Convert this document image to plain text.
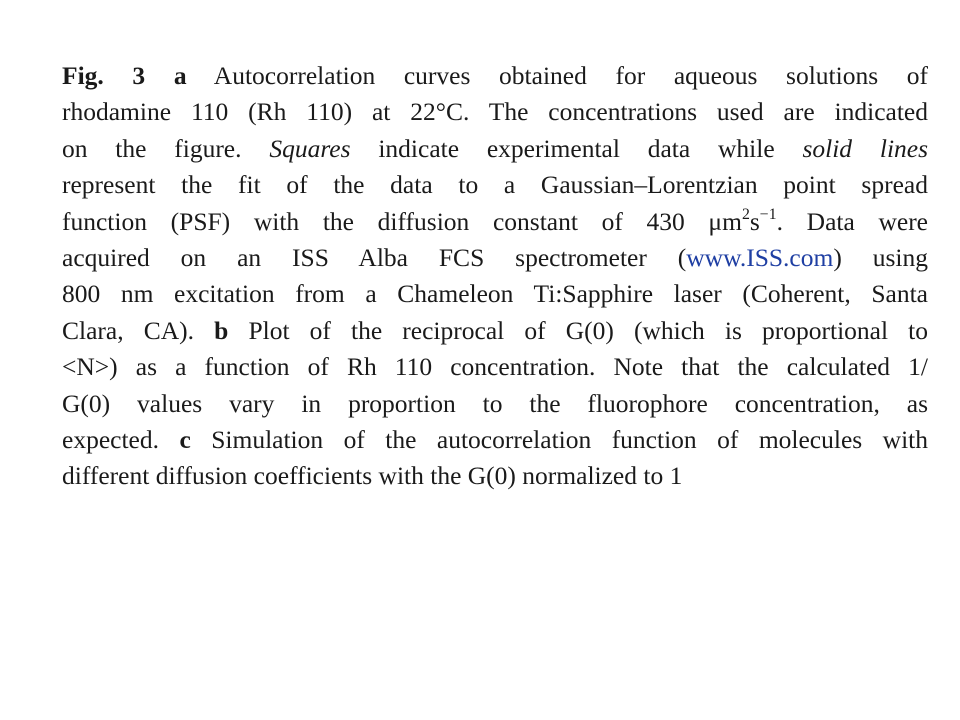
Fig. 3 a Autocorrelation curves obtained for aqueous solutions of
rhodamine 110 (Rh 110) at 22°C. The concentrations used are indicated
on the figure. Squares indicate experimental data while solid lines
represent the fit of the data to a Gaussian–Lorentzian point spread
function (PSF) with the diffusion constant of 430 $\mu m^2s^{-1}$. Data were
acquired on an ISS Alba FCS spectrometer (www.ISS.com) using
800 nm excitation from a Chameleon Ti:Sapphire laser (Coherent, Santa
Clara, CA). b Plot of the reciprocal of G(0) (which is proportional to
<N>) as a function of Rh 110 concentration. Note that the calculated 1/
G(0) values vary in proportion to the fluorophore concentration, as
expected. c Simulation of the autocorrelation function of molecules with
different diffusion coefficients with the G(0) normalized to 1
